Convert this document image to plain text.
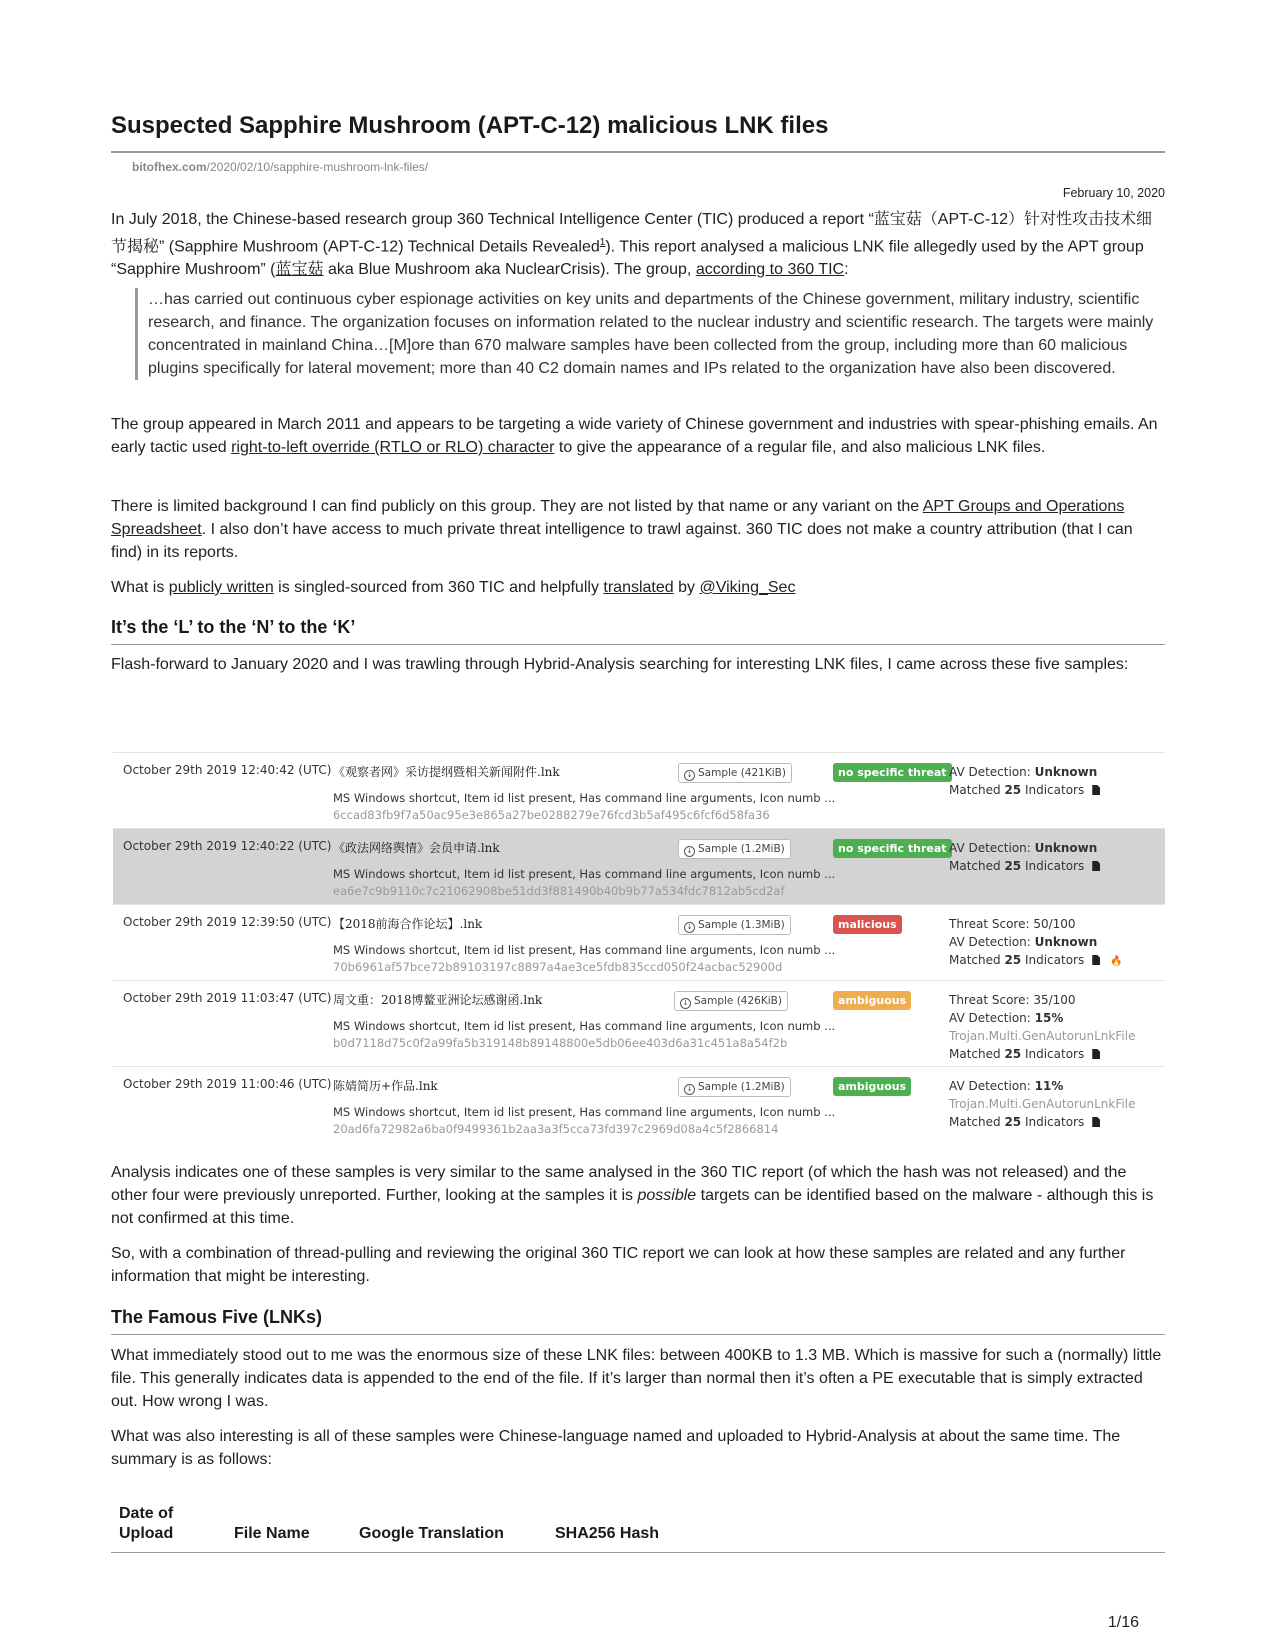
Suspected Sapphire Mushroom (APT-C-12) malicious LNK files
bitofhex.com/2020/02/10/sapphire-mushroom-lnk-files/
February 10, 2020

In July 2018, the Chinese-based research group 360 Technical Intelligence Center (TIC) produced a report “蓝宝菇（APT-C-12）针对性攻击技术细节揭秘” (Sapphire Mushroom (APT-C-12) Technical Details Revealed$^1$). This report analysed a malicious LNK file allegedly used by the APT group “Sapphire Mushroom” (蓝宝菇 aka Blue Mushroom aka NuclearCrisis). The group, according to 360 TIC:

…has carried out continuous cyber espionage activities on key units and departments of the Chinese government, military industry, scientific research, and finance. The organization focuses on information related to the nuclear industry and scientific research. The targets were mainly concentrated in mainland China…[M]ore than 670 malware samples have been collected from the group, including more than 60 malicious plugins specifically for lateral movement; more than 40 C2 domain names and IPs related to the organization have also been discovered.

The group appeared in March 2011 and appears to be targeting a wide variety of Chinese government and industries with spear-phishing emails. An early tactic used right-to-left override (RTLO or RLO) character to give the appearance of a regular file, and also malicious LNK files.

There is limited background I can find publicly on this group. They are not listed by that name or any variant on the APT Groups and Operations Spreadsheet. I also don’t have access to much private threat intelligence to trawl against. 360 TIC does not make a country attribution (that I can find) in its reports.

What is publicly written is singled-sourced from 360 TIC and helpfully translated by @Viking_Sec

It’s the ‘L’ to the ‘N’ to the ‘K’

Flash-forward to January 2020 and I was trawling through Hybrid-Analysis searching for interesting LNK files, I came across these five samples:

October 29th 2019 12:40:42 (UTC) 《观察者网》采访提纲暨相关新闻附件.lnk	↓ Sample (421KiB)
MS Windows shortcut, Item id list present, Has command line arguments, Icon numb ...
6ccad83fb9f7a50ac95e3e865a27be0288279e76fcd3b5af495c6fcf6d58fa36
no specific threat AV Detection: Unknown
Matched 25 Indicators
October 29th 2019 12:40:22 (UTC) 《政法网络舆情》会员申请.lnk	↓ Sample (1.2MiB)
MS Windows shortcut, Item id list present, Has command line arguments, Icon numb ...
ea6e7c9b9110c7c21062908be51dd3f881490b40b9b77a534fdc7812ab5cd2af
no specific threat AV Detection: Unknown
Matched 25 Indicators
October 29th 2019 12:39:50 (UTC) 【2018前海合作论坛】.lnk	↓ Sample (1.3MiB)
MS Windows shortcut, Item id list present, Has command line arguments, Icon numb ...
70b6961af57bce72b89103197c8897a4ae3ce5fdb835ccd050f24acbac52900d
malicious	Threat Score: 50/100
AV Detection: Unknown
Matched 25 Indicators	🔥
October 29th 2019 11:03:47 (UTC) 周文重：2018博鳌亚洲论坛感谢函.lnk	↓ Sample (426KiB)
MS Windows shortcut, Item id list present, Has command line arguments, Icon numb ...
b0d7118d75c0f2a99fa5b319148b89148800e5db06ee403d6a31c451a8a54f2b
ambiguous	Threat Score: 35/100
AV Detection: 15%
Trojan.Multi.GenAutorunLnkFile
Matched 25 Indicators
October 29th 2019 11:00:46 (UTC) 陈婧简历+作品.lnk	↓ Sample (1.2MiB)
MS Windows shortcut, Item id list present, Has command line arguments, Icon numb ...
20ad6fa72982a6ba0f9499361b2aa3a3f5cca73fd397c2969d08a4c5f2866814
ambiguous	AV Detection: 11%
Trojan.Multi.GenAutorunLnkFile
Matched 25 Indicators

Analysis indicates one of these samples is very similar to the same analysed in the 360 TIC report (of which the hash was not released) and the other four were previously unreported. Further, looking at the samples it is possible targets can be identified based on the malware - although this is not confirmed at this time.

So, with a combination of thread-pulling and reviewing the original 360 TIC report we can look at how these samples are related and any further information that might be interesting.

The Famous Five (LNKs)

What immediately stood out to me was the enormous size of these LNK files: between 400KB to 1.3 MB. Which is massive for such a (normally) little file. This generally indicates data is appended to the end of the file. If it’s larger than normal then it’s often a PE executable that is simply extracted out. How wrong I was.

What was also interesting is all of these samples were Chinese-language named and uploaded to Hybrid-Analysis at about the same time. The summary is as follows:

Date of
Upload	File Name	Google Translation	SHA256 Hash
1/16
